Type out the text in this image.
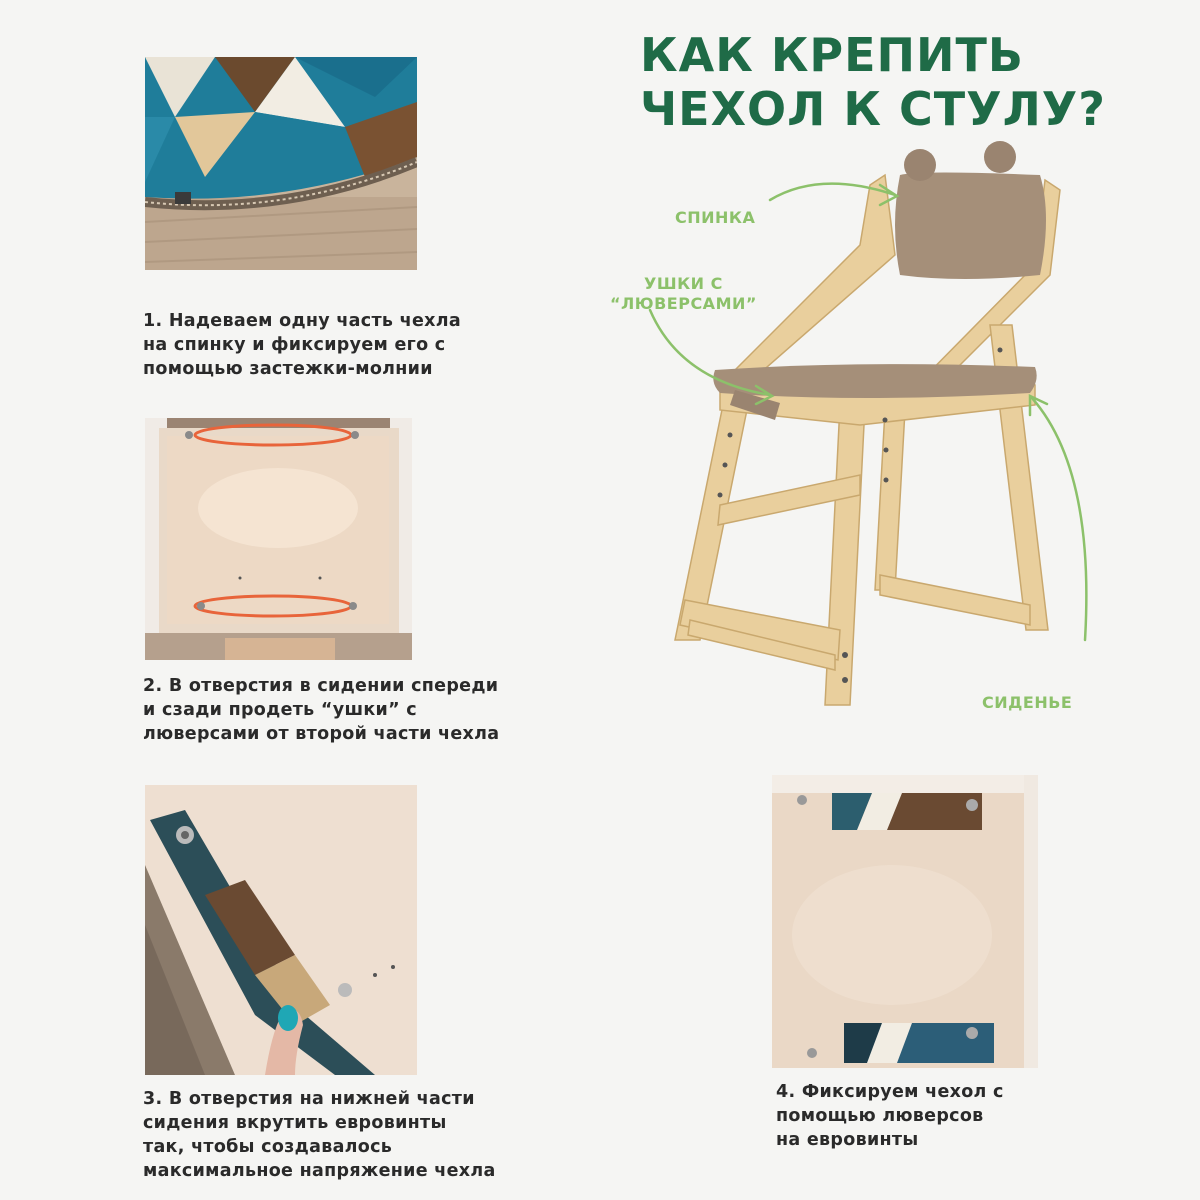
КАК КРЕПИТЬ
ЧЕХОЛ К СТУЛУ?
1. Надеваем одну часть чехла
на спинку и фиксируем его с
помощью застежки-молнии
2. В отверстия в сидении спереди
и сзади продеть “ушки” с
люверсами от второй части чехла
3. В отверстия на нижней части
сидения вкрутить евровинты
так, чтобы создавалось
максимальное напряжение чехла
4. Фиксируем чехол с
помощью люверсов
на евровинты
СПИНКА
УШКИ С
“ЛЮВЕРСАМИ”
СИДЕНЬЕ
